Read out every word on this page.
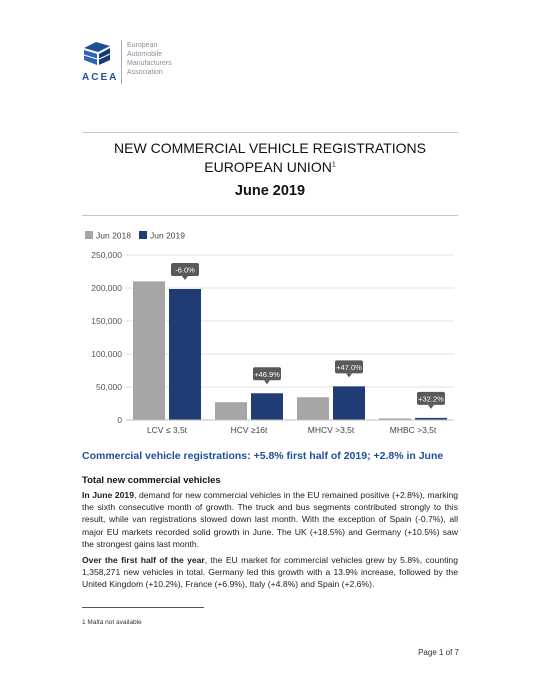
ACEA
European
Automobile
Manufacturers
Association
NEW COMMERCIAL VEHICLE REGISTRATIONS
EUROPEAN UNION$^1$
June 2019
Jun 2018 Jun 2019
250,000
200,000
150,000
100,000
50,000
0
-6.0%
LCV ≤ 3,5t
+46.9%
HCV ≥16t
+47.0%
MHCV >3,5t
+32.2%
MHBC >3,5t
Commercial vehicle registrations: +5.8% first half of 2019; +2.8% in June
Total new commercial vehicles
In June 2019, demand for new commercial vehicles in the EU remained positive (+2.8%), marking the sixth consecutive month of growth. The truck and bus segments contributed strongly to this result, while van registrations slowed down last month. With the exception of Spain (-0.7%), all major EU markets recorded solid growth in June. The UK (+18.5%) and Germany (+10.5%) saw the strongest gains last month.
Over the first half of the year, the EU market for commercial vehicles grew by 5.8%, counting 1,358,271 new vehicles in total. Germany led this growth with a 13.9% increase, followed by the United Kingdom (+10.2%), France (+6.9%), Italy (+4.8%) and Spain (+2.6%).
1 Malta not available
Page 1 of 7
